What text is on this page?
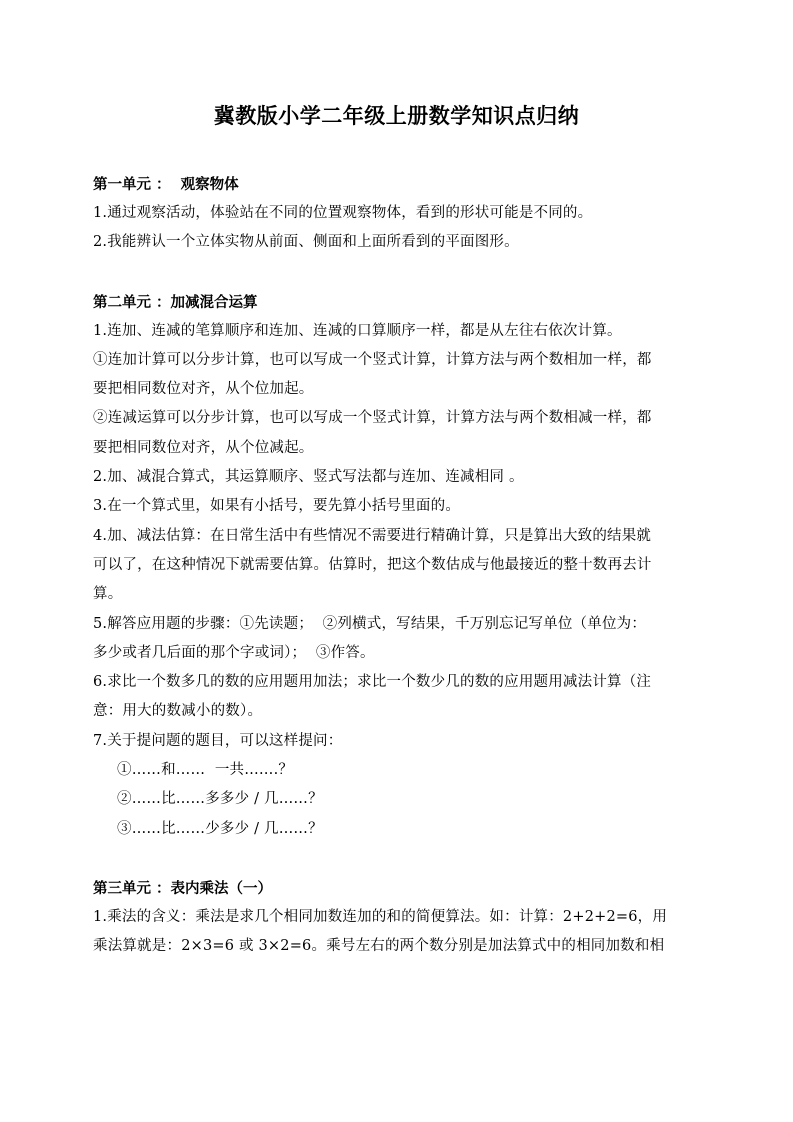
冀教版小学二年级上册数学知识点归纳
第一单元 ：  观察物体
1.通过观察活动，体验站在不同的位置观察物体，看到的形状可能是不同的。
2.我能辨认一个立体实物从前面、侧面和上面所看到的平面图形。
第二单元 ：加减混合运算
1.连加、连减的笔算顺序和连加、连减的口算顺序一样，都是从左往右依次计算。
①连加计算可以分步计算，也可以写成一个竖式计算，计算方法与两个数相加一样，都
要把相同数位对齐，从个位加起。
②连减运算可以分步计算，也可以写成一个竖式计算，计算方法与两个数相减一样，都
要把相同数位对齐，从个位减起。
2.加、减混合算式，其运算顺序、竖式写法都与连加、连减相同 。
3.在一个算式里，如果有小括号，要先算小括号里面的。
4.加、减法估算：在日常生活中有些情况不需要进行精确计算，只是算出大致的结果就
可以了，在这种情况下就需要估算。估算时，把这个数估成与他最接近的整十数再去计
算。
5.解答应用题的步骤：①先读题；  ②列横式，写结果，千万别忘记写单位（单位为：
多少或者几后面的那个字或词）；  ③作答。
6.求比一个数多几的数的应用题用加法；求比一个数少几的数的应用题用减法计算（注
意：用大的数减小的数）。
7.关于提问题的题目，可以这样提问：
①……和……  一共…….？
②……比……多多少 / 几……？
③……比……少多少 / 几……？
第三单元 ：表内乘法（一）
1.乘法的含义：乘法是求几个相同加数连加的和的简便算法。如：计算：2+2+2=6，用
乘法算就是：2×3=6 或 3×2=6。乘号左右的两个数分别是加法算式中的相同加数和相
